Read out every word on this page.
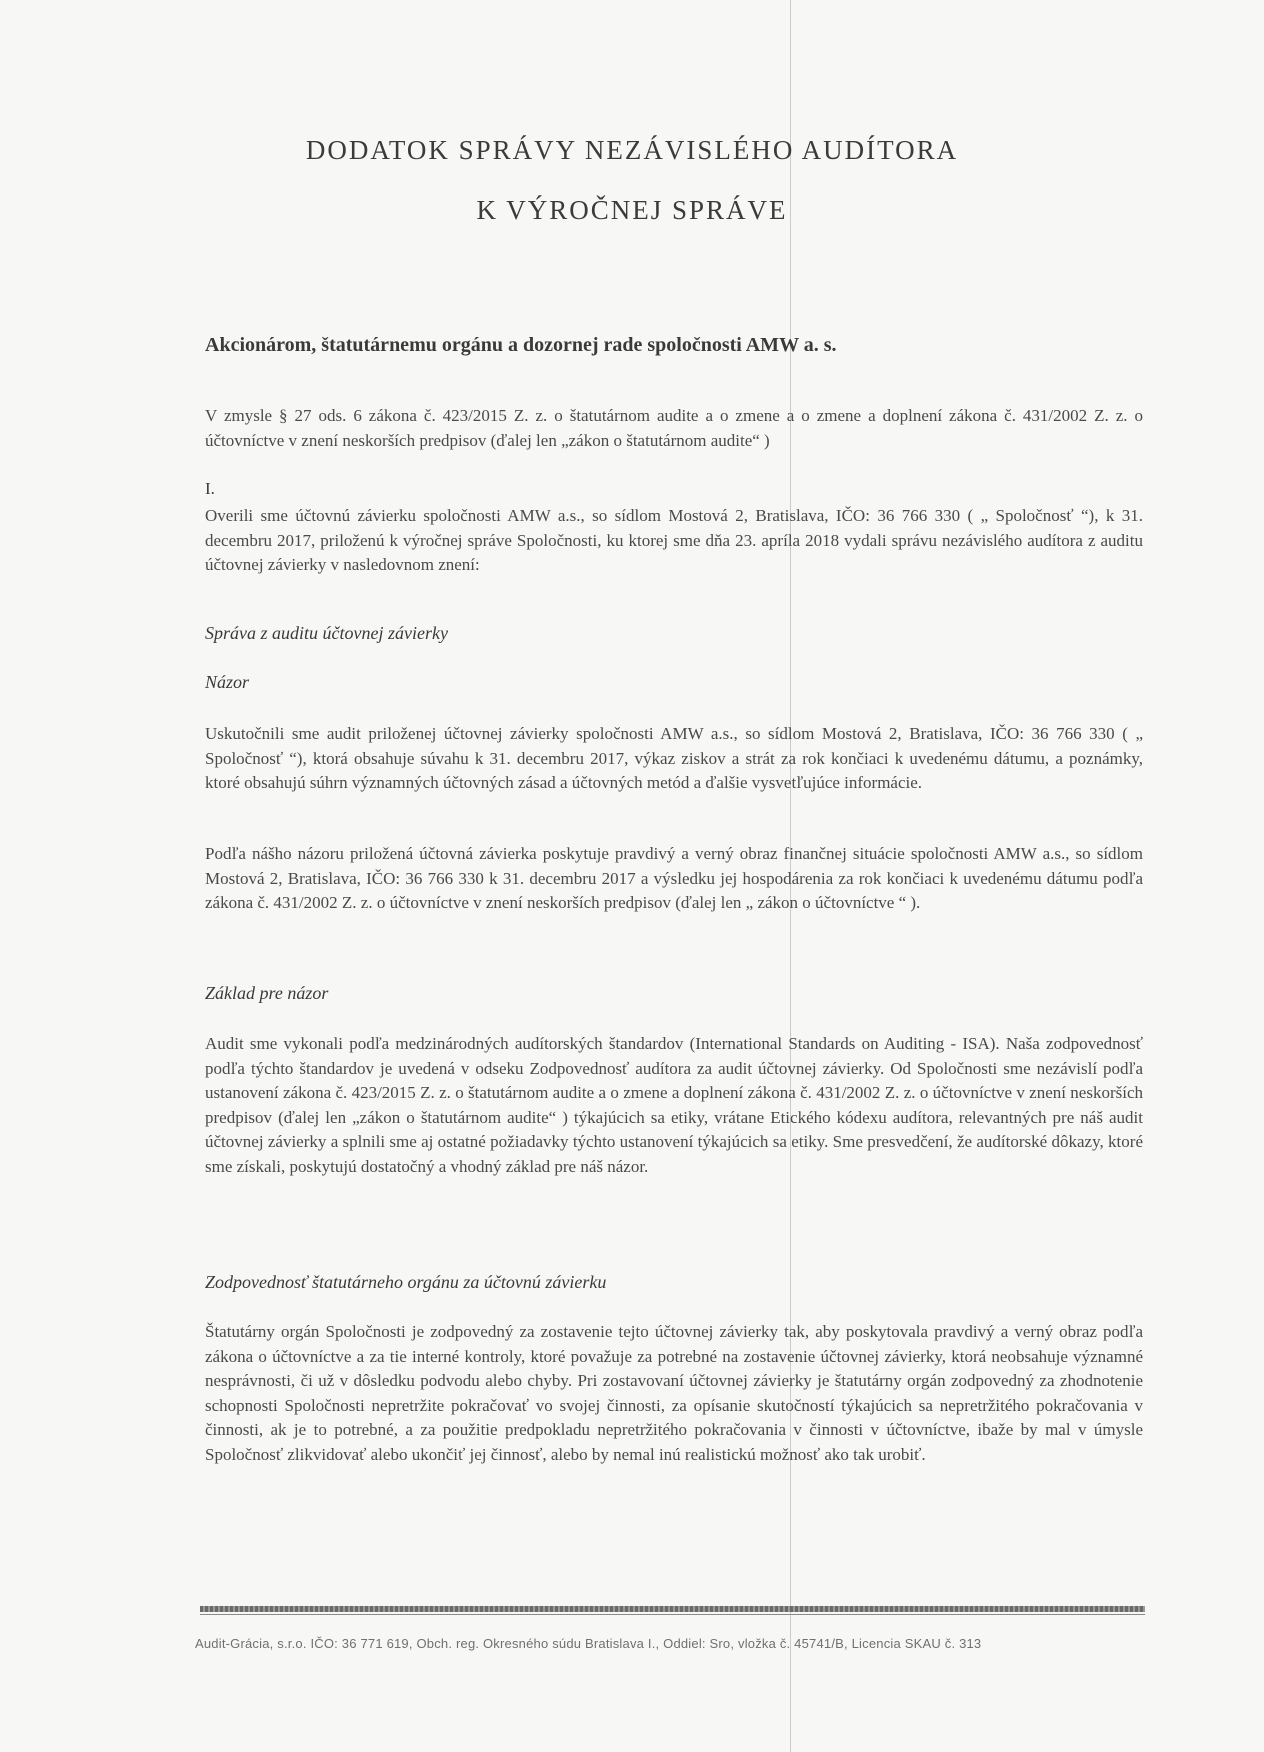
DODATOK SPRÁVY NEZÁVISLÉHO AUDÍTORA
K VÝROČNEJ SPRÁVE
Akcionárom, štatutárnemu orgánu a dozornej rade spoločnosti AMW a. s.
V zmysle § 27 ods. 6 zákona č. 423/2015 Z. z. o štatutárnom audite a o zmene a o zmene a doplnení zákona č. 431/2002 Z. z. o účtovníctve v znení neskorších predpisov (ďalej len „zákon o štatutárnom audite“ )
I.
Overili sme účtovnú závierku spoločnosti AMW a.s., so sídlom Mostová 2, Bratislava, IČO: 36 766 330 ( „ Spoločnosť “), k 31. decembru 2017, priloženú k výročnej správe Spoločnosti, ku ktorej sme dňa 23. apríla 2018 vydali správu nezávislého audítora z auditu účtovnej závierky v nasledovnom znení:
Správa z auditu účtovnej závierky
Názor
Uskutočnili sme audit priloženej účtovnej závierky spoločnosti AMW a.s., so sídlom Mostová 2, Bratislava, IČO: 36 766 330 ( „ Spoločnosť “), ktorá obsahuje súvahu k 31. decembru 2017, výkaz ziskov a strát za rok končiaci k uvedenému dátumu, a poznámky, ktoré obsahujú súhrn významných účtovných zásad a účtovných metód a ďalšie vysvetľujúce informácie.
Podľa nášho názoru priložená účtovná závierka poskytuje pravdivý a verný obraz finančnej situácie spoločnosti AMW a.s., so sídlom Mostová 2, Bratislava, IČO: 36 766 330 k 31. decembru 2017 a výsledku jej hospodárenia za rok končiaci k uvedenému dátumu podľa zákona č. 431/2002 Z. z. o účtovníctve v znení neskorších predpisov (ďalej len „ zákon o účtovníctve “ ).
Základ pre názor
Audit sme vykonali podľa medzinárodných audítorských štandardov (International Standards on Auditing - ISA). Naša zodpovednosť podľa týchto štandardov je uvedená v odseku Zodpovednosť audítora za audit účtovnej závierky. Od Spoločnosti sme nezávislí podľa ustanovení zákona č. 423/2015 Z. z. o štatutárnom audite a o zmene a doplnení zákona č. 431/2002 Z. z. o účtovníctve v znení neskorších predpisov (ďalej len „zákon o štatutárnom audite“ ) týkajúcich sa etiky, vrátane Etického kódexu audítora, relevantných pre náš audit účtovnej závierky a splnili sme aj ostatné požiadavky týchto ustanovení týkajúcich sa etiky. Sme presvedčení, že audítorské dôkazy, ktoré sme získali, poskytujú dostatočný a vhodný základ pre náš názor.
Zodpovednosť štatutárneho orgánu za účtovnú závierku
Štatutárny orgán Spoločnosti je zodpovedný za zostavenie tejto účtovnej závierky tak, aby poskytovala pravdivý a verný obraz podľa zákona o účtovníctve a za tie interné kontroly, ktoré považuje za potrebné na zostavenie účtovnej závierky, ktorá neobsahuje významné nesprávnosti, či už v dôsledku podvodu alebo chyby. Pri zostavovaní účtovnej závierky je štatutárny orgán zodpovedný za zhodnotenie schopnosti Spoločnosti nepretržite pokračovať vo svojej činnosti, za opísanie skutočností týkajúcich sa nepretržitého pokračovania v činnosti, ak je to potrebné, a za použitie predpokladu nepretržitého pokračovania v činnosti v účtovníctve, ibaže by mal v úmysle Spoločnosť zlikvidovať alebo ukončiť jej činnosť, alebo by nemal inú realistickú možnosť ako tak urobiť.
Audit-Grácia, s.r.o. IČO: 36 771 619, Obch. reg. Okresného súdu Bratislava I., Oddiel: Sro, vložka č. 45741/B, Licencia SKAU č. 313
